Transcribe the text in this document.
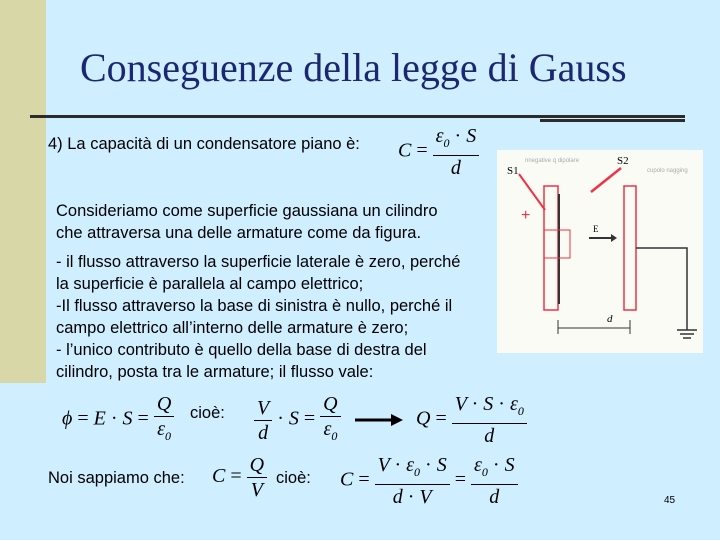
Conseguenze della legge di Gauss
4) La capacità di un condensatore piano è: $C = \frac{\varepsilon_0 \cdot S}{d}$
Consideriamo come superficie gaussiana un cilindro
che attraversa una delle armature come da figura.
- il flusso attraverso la superficie laterale è zero, perché
la superficie è parallela al campo elettrico;
-Il flusso attraverso la base di sinistra è nullo, perché il
campo elettrico all’interno delle armature è zero;
- l’unico contributo è quello della base di destra del
cilindro, posta tra le armature; il flusso vale:
nnegative q dipolare
cupolo nagging
S1
S2
+
E
d
$\phi = E \cdot S = \frac{Q}{\varepsilon_0}$ cioè: $\frac{V}{d} \cdot S = \frac{Q}{\varepsilon_0}$	$Q = \frac{V \cdot S \cdot \varepsilon_0}{d}$
Noi sappiamo che: $C = \frac{Q}{V}$ cioè: $C = \frac{V \cdot \varepsilon_0 \cdot S}{d \cdot V} = \frac{\varepsilon_0 \cdot S}{d}$	45
